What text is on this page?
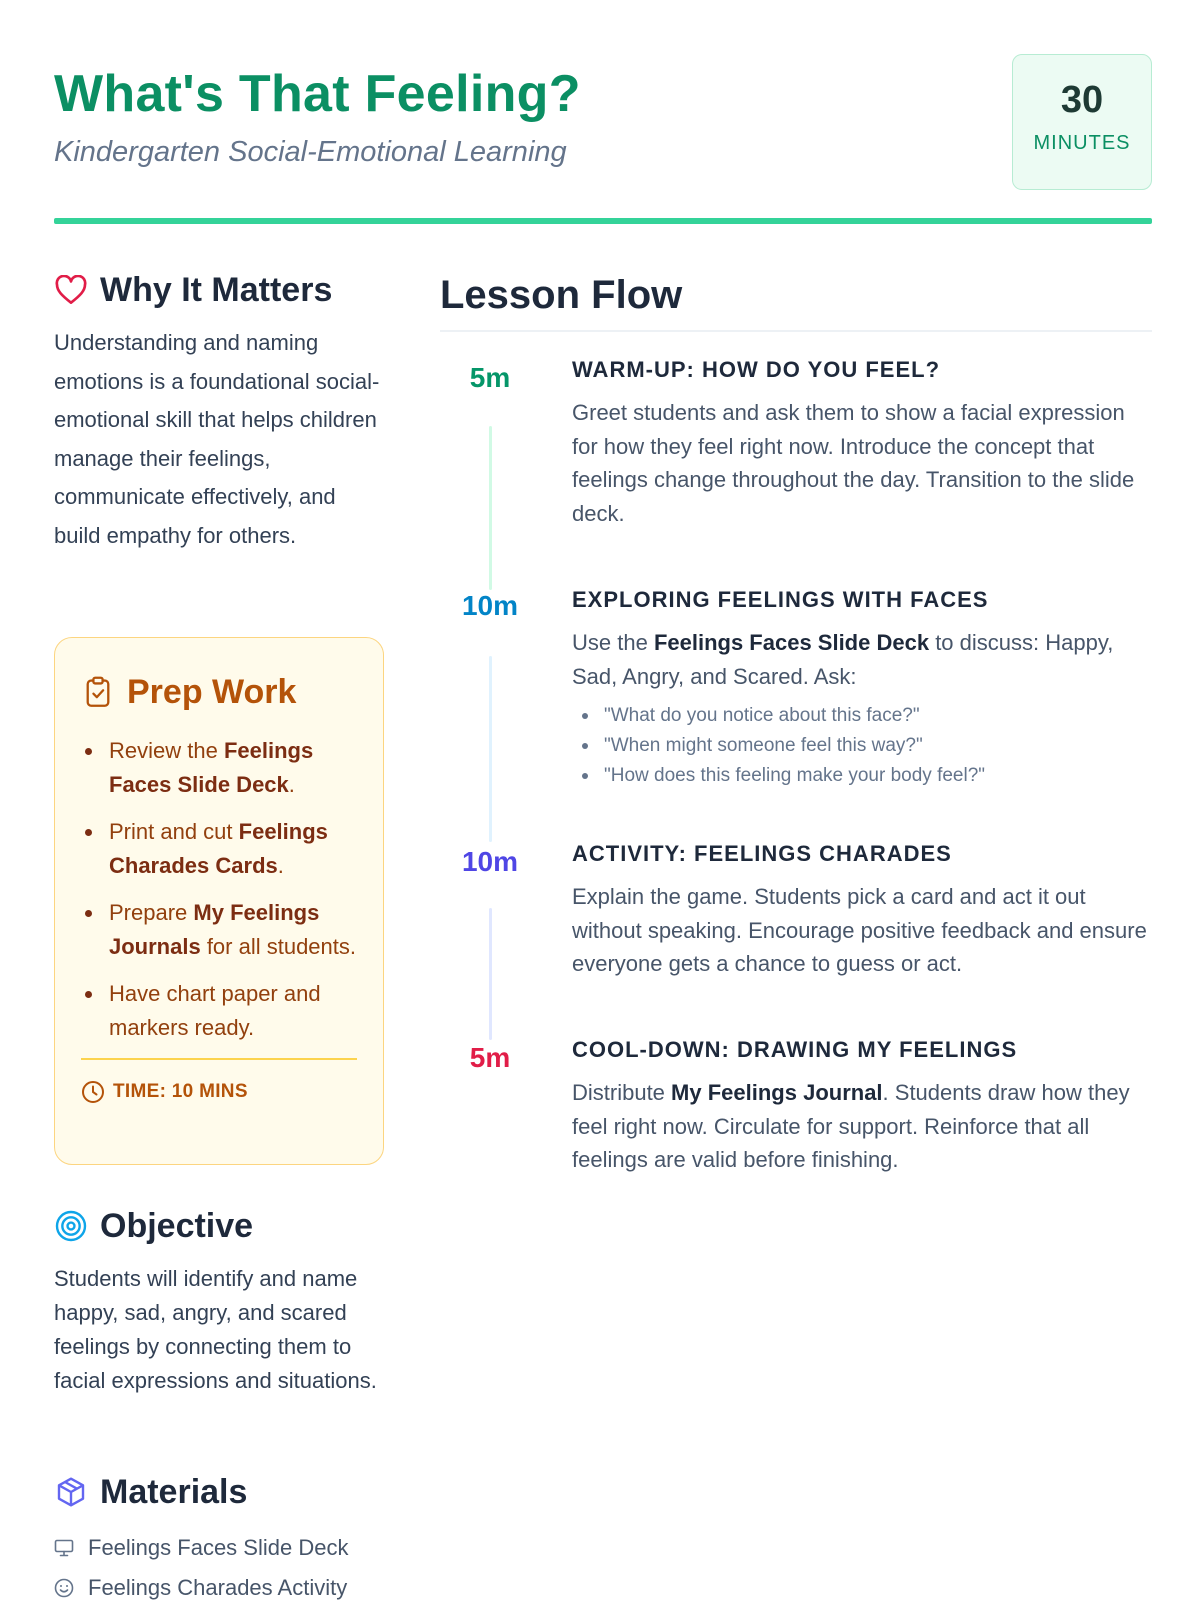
What's That Feeling?
Kindergarten Social-Emotional Learning
30
MINUTES
Why It Matters

Understanding and naming emotions is a foundational social-emotional skill that helps children manage their feelings, communicate effectively, and build empathy for others.

Prep Work
Review the Feelings Faces Slide Deck.
Print and cut Feelings Charades Cards.
Prepare My Feelings Journals for all students.
Have chart paper and markers ready.
TIME: 10 MINS
Objective

Students will identify and name happy, sad, angry, and scared feelings by connecting them to facial expressions and situations.

Materials
Feelings Faces Slide Deck
Feelings Charades Activity
Lesson Flow
5m	WARM-UP: HOW DO YOU FEEL?

Greet students and ask them to show a facial expression for how they feel right now. Introduce the concept that feelings change throughout the day. Transition to the slide deck.

10m	EXPLORING FEELINGS WITH FACES

Use the Feelings Faces Slide Deck to discuss: Happy, Sad, Angry, and Scared. Ask:

"What do you notice about this face?"
"When might someone feel this way?"
"How does this feeling make your body feel?"
10m	ACTIVITY: FEELINGS CHARADES

Explain the game. Students pick a card and act it out without speaking. Encourage positive feedback and ensure everyone gets a chance to guess or act.

5m	COOL-DOWN: DRAWING MY FEELINGS

Distribute My Feelings Journal. Students draw how they feel right now. Circulate for support. Reinforce that all feelings are valid before finishing.
